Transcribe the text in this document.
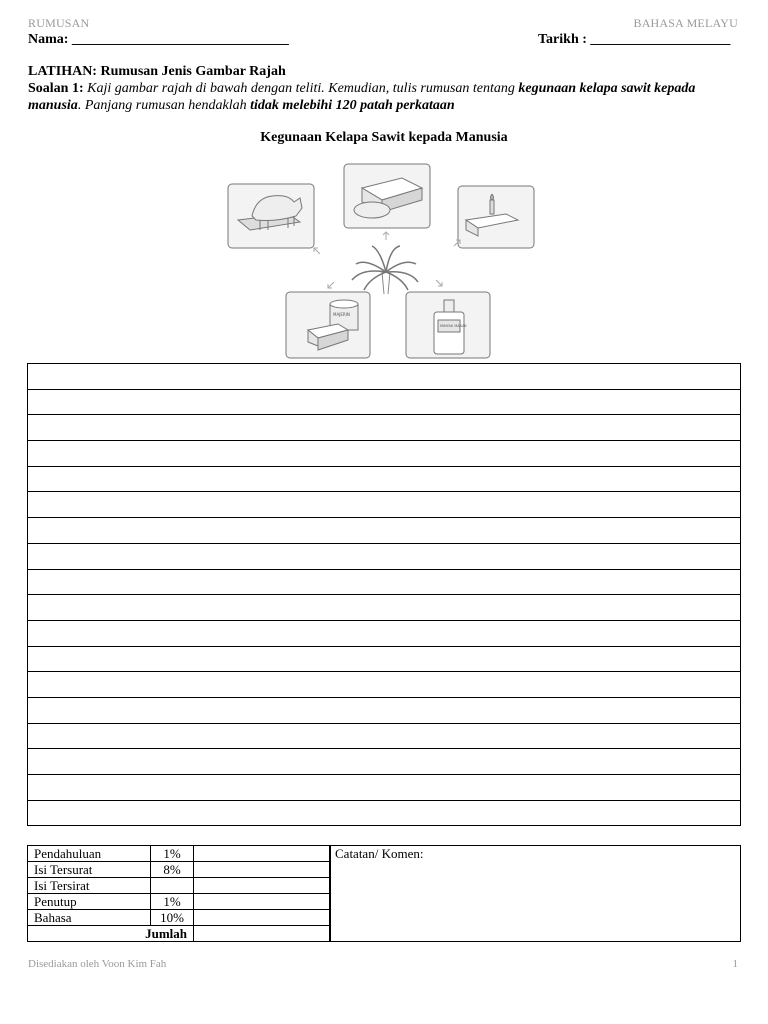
RUMUSAN	BAHASA MELAYU
Nama: _______________________________	Tarikh : ____________________
LATIHAN: Rumusan Jenis Gambar Rajah
Soalan 1: Kaji gambar rajah di bawah dengan teliti. Kemudian, tulis rumusan tentang kegunaan kelapa sawit kepada manusia. Panjang rumusan hendaklah tidak melebihi 120 patah perkataan
Kegunaan Kelapa Sawit kepada Manusia
MAJERIN
MINYAK MASAK

Pendahuluan	1%	
Isi Tersurat	8%	
Isi Tersirat		
Penutup	1%	
Bahasa	10%	
Jumlah		
Catatan/ Komen:
Disediakan oleh Voon Kim Fah	1
